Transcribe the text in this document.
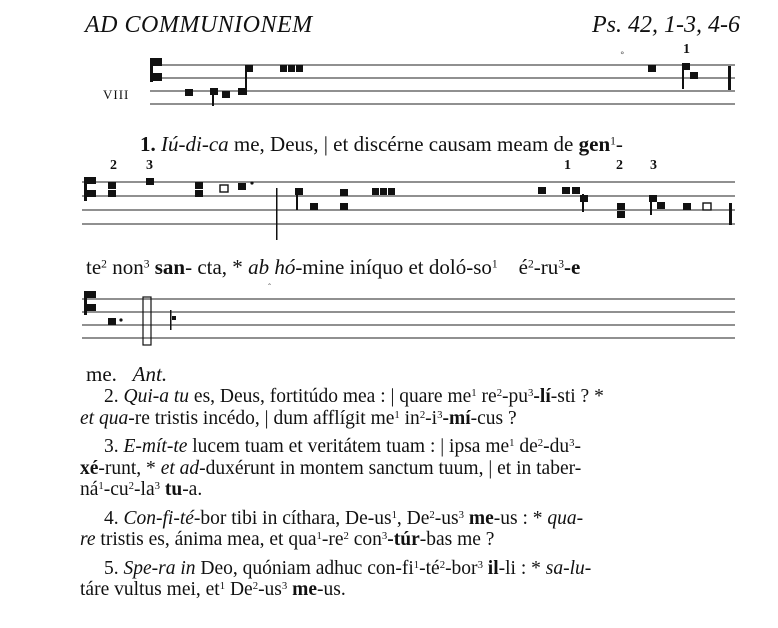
AD COMMUNIONEM	Ps. 42, 1-3, 4-6
°	1
VIII
1. Iú-di-ca me, Deus, | et discérne causam meam de gen$^1$-
2 3	1	2 3
$te^2$ non$^3$ san- cta, * ab hó-mine iníquo et doló-$so^1$ $é^2-ru^3-e$
ˆ
me. Ant.
2. Qui-a tu es, Deus, fortitúdo mea : | quare $me^1$ $re^2-pu^3-lí$-sti ? *
et qua-re tristis incédo, | dum afflígit $me^1$ $in^2-i^3-mí$-cus ?
3. E-mít-te lucem tuam et veritátem tuam : | ipsa $me^1$ $de^2-du^3-$
xé-runt, * et ad-duxérunt in montem sanctum tuum, | et in taber-
$ná^1-cu^2-la^3$ tu-a.
4. Con-fi-té-bor tibi in cíthara, $De-us^1$, $De^2-us^3$ me-us : * qua-
re tristis es, ánima mea, et $qua^1-re^2$ con$^3$-túr-bas me ?
5. Spe-ra in Deo, quóniam adhuc con-$fi^1-té^2-bor^3$ il-li : * sa-lu-
táre vultus mei, $et^1$ $De^2-us^3$ me-us.
